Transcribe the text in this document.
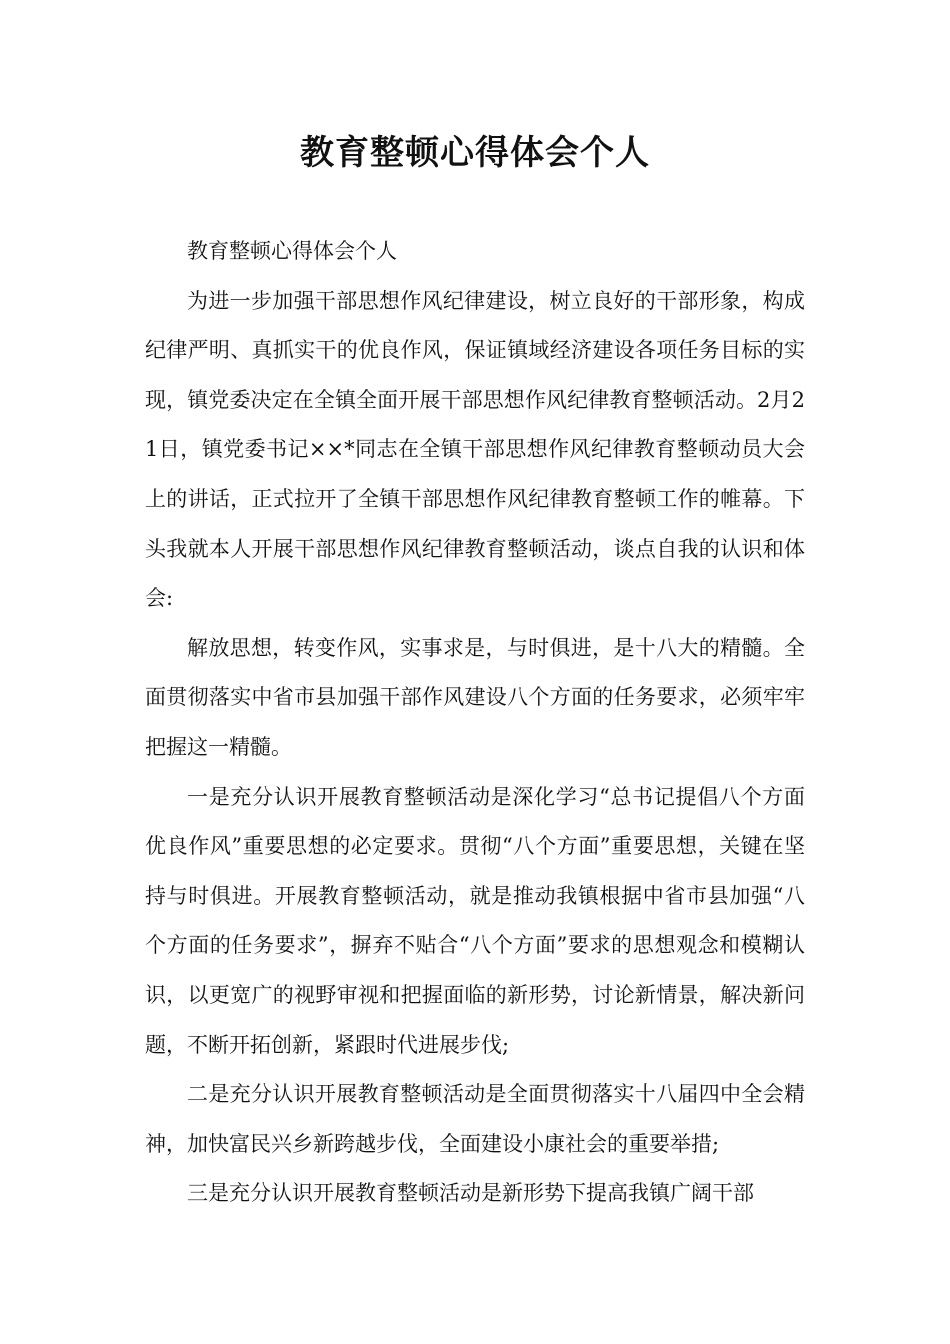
教育整顿心得体会个人

教育整顿心得体会个人

为进一步加强干部思想作风纪律建设，树立良好的干部形象，构成纪律严明、真抓实干的优良作风，保证镇域经济建设各项任务目标的实现，镇党委决定在全镇全面开展干部思想作风纪律教育整顿活动。2月21日，镇党委书记××*同志在全镇干部思想作风纪律教育整顿动员大会上的讲话，正式拉开了全镇干部思想作风纪律教育整顿工作的帷幕。下头我就本人开展干部思想作风纪律教育整顿活动，谈点自我的认识和体会:

解放思想，转变作风，实事求是，与时俱进，是十八大的精髓。全面贯彻落实中省市县加强干部作风建设八个方面的任务要求，必须牢牢把握这一精髓。

一是充分认识开展教育整顿活动是深化学习“总书记提倡八个方面优良作风”重要思想的必定要求。贯彻“八个方面”重要思想，关键在坚持与时俱进。开展教育整顿活动，就是推动我镇根据中省市县加强“八个方面的任务要求”，摒弃不贴合“八个方面”要求的思想观念和模糊认识，以更宽广的视野审视和把握面临的新形势，讨论新情景，解决新问题，不断开拓创新，紧跟时代进展步伐;

二是充分认识开展教育整顿活动是全面贯彻落实十八届四中全会精神，加快富民兴乡新跨越步伐，全面建设小康社会的重要举措;

三是充分认识开展教育整顿活动是新形势下提高我镇广阔干部
